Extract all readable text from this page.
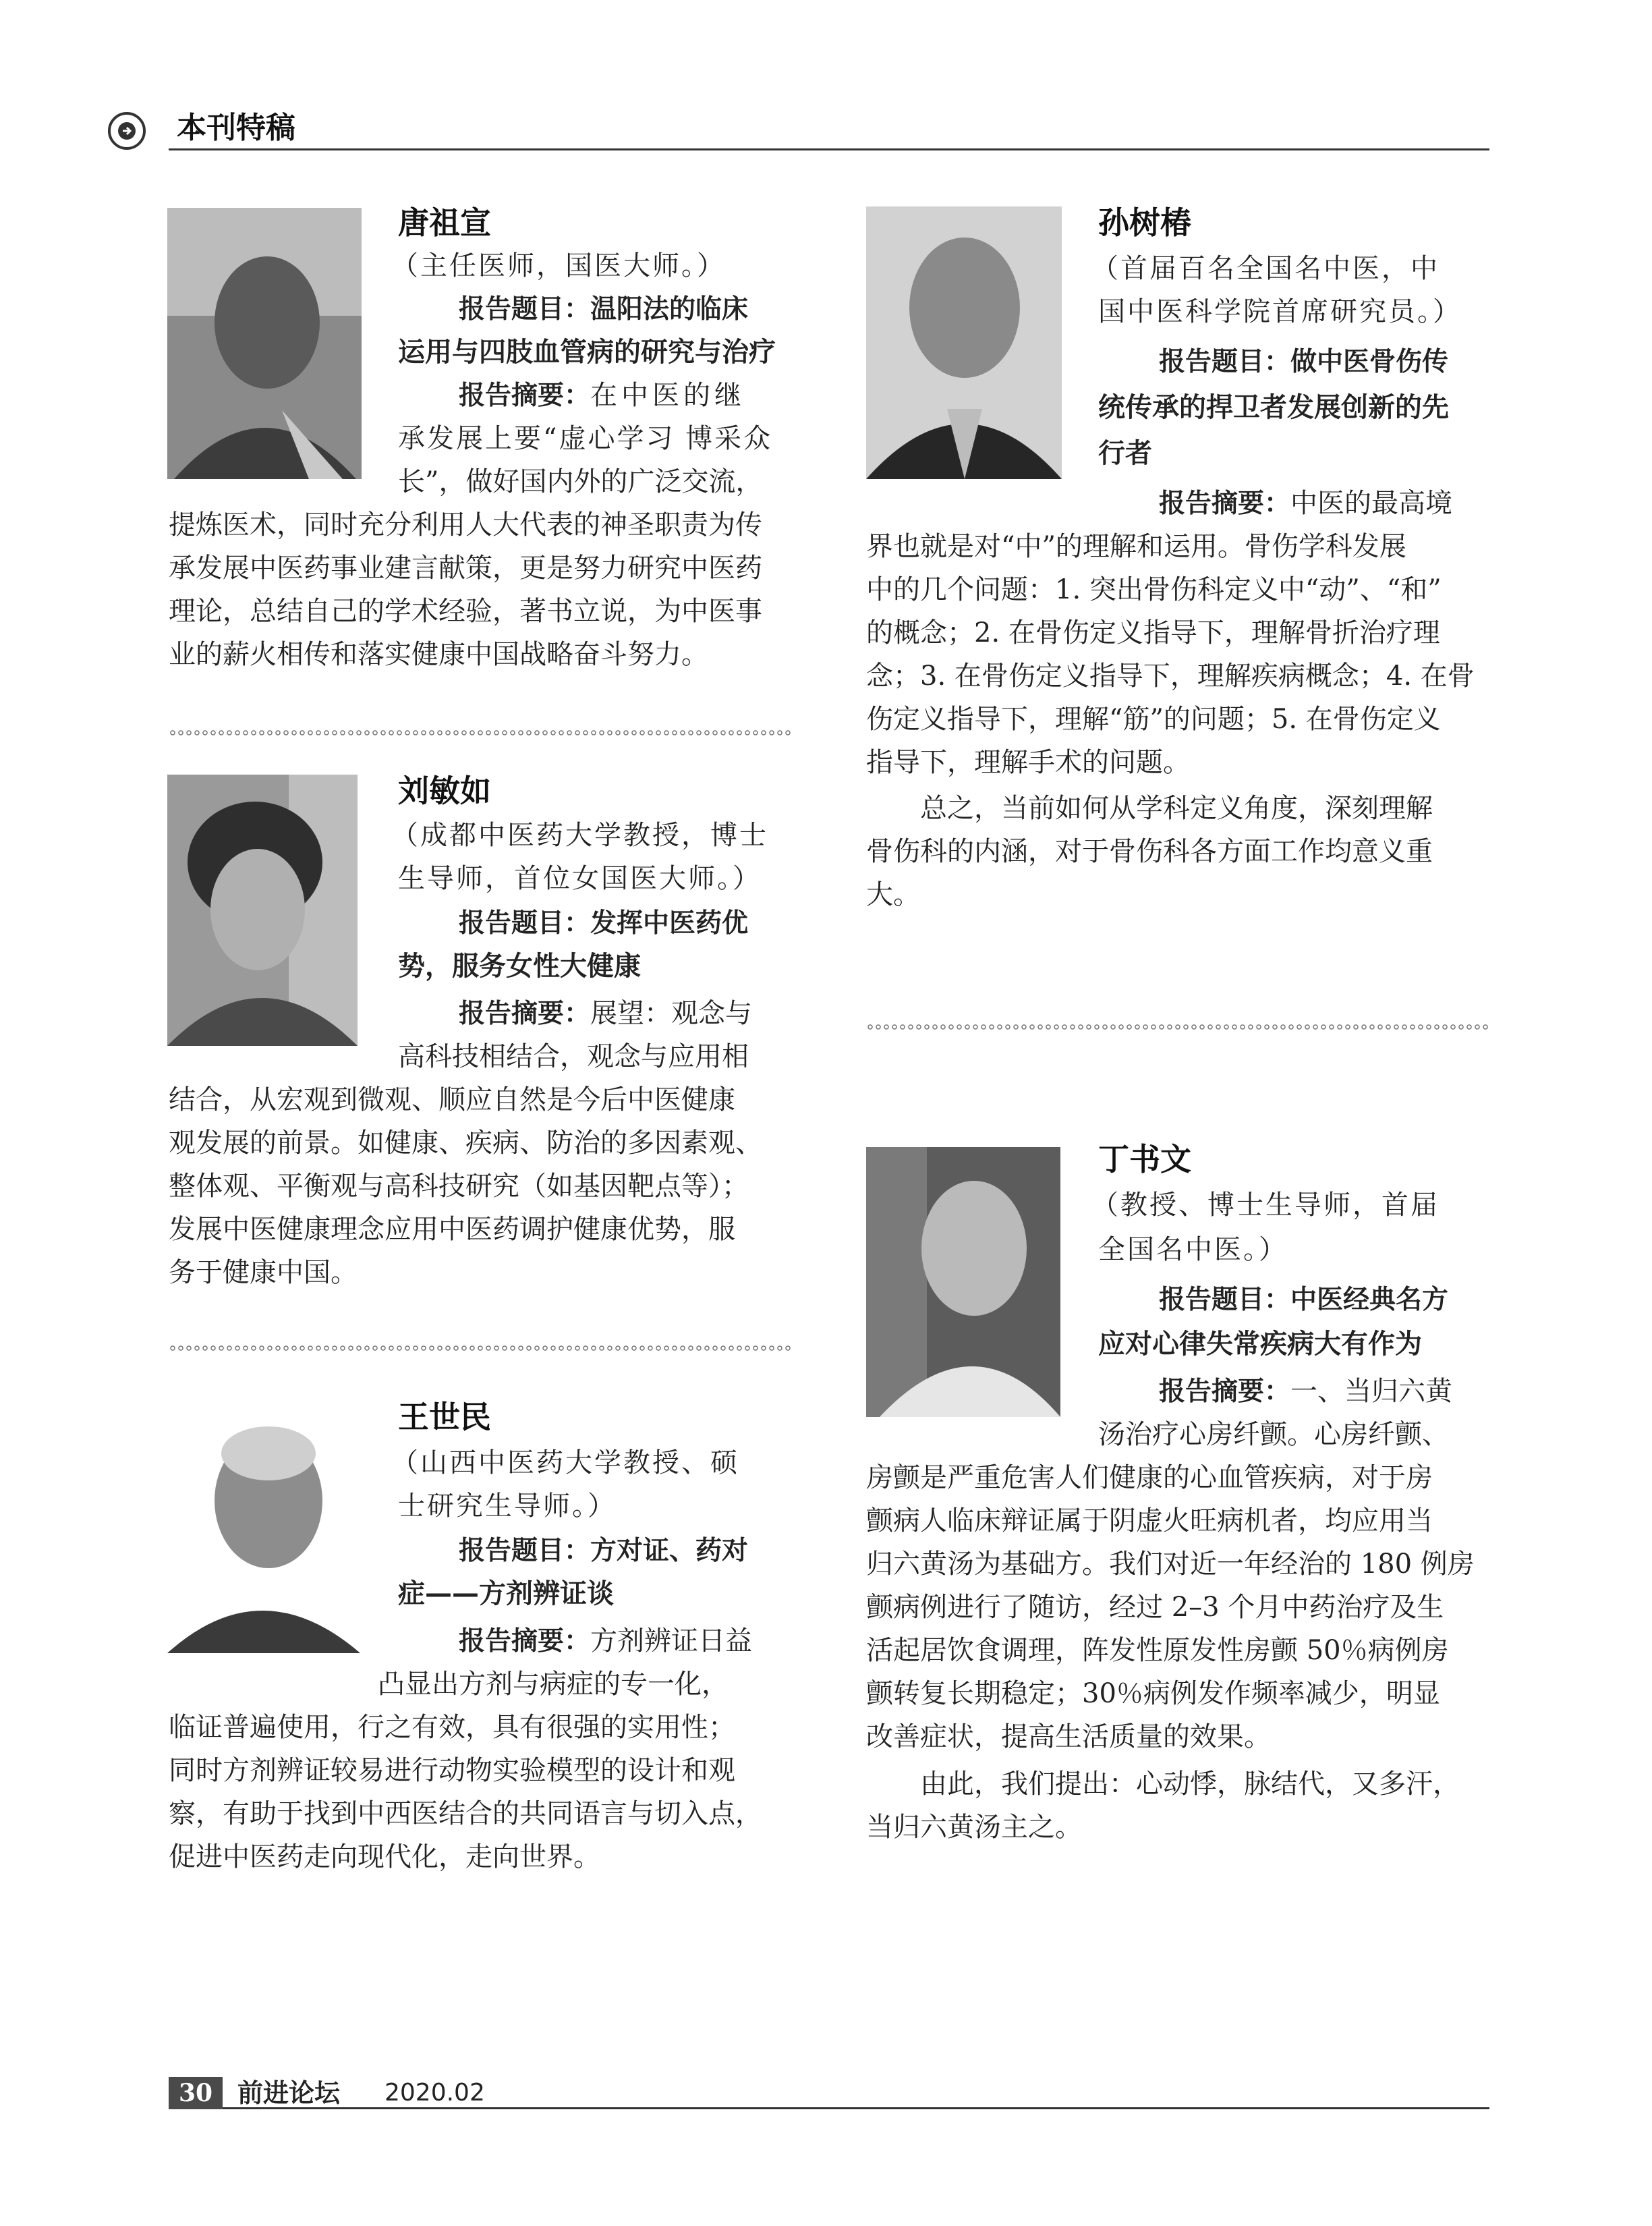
本刊特稿
唐祖宣
（主任医师，国医大师。）
报告题目：温阳法的临床
运用与四肢血管病的研究与治疗
报告摘要：在中医的继
承发展上要“虚心学习 博采众
长”，做好国内外的广泛交流，
提炼医术，同时充分利用人大代表的神圣职责为传
承发展中医药事业建言献策，更是努力研究中医药
理论，总结自己的学术经验，著书立说，为中医事
业的薪火相传和落实健康中国战略奋斗努力。
刘敏如
（成都中医药大学教授，博士
生导师，首位女国医大师。）
报告题目：发挥中医药优
势，服务女性大健康
报告摘要：展望：观念与
高科技相结合，观念与应用相
结合，从宏观到微观、顺应自然是今后中医健康
观发展的前景。如健康、疾病、防治的多因素观、
整体观、平衡观与高科技研究（如基因靶点等）；
发展中医健康理念应用中医药调护健康优势，服
务于健康中国。
王世民
（山西中医药大学教授、硕
士研究生导师。）
报告题目：方对证、药对
症——方剂辨证谈
报告摘要：方剂辨证日益
凸显出方剂与病症的专一化，
临证普遍使用，行之有效，具有很强的实用性；
同时方剂辨证较易进行动物实验模型的设计和观
察，有助于找到中西医结合的共同语言与切入点，
促进中医药走向现代化，走向世界。
孙树椿
（首届百名全国名中医，中
国中医科学院首席研究员。）
报告题目：做中医骨伤传
统传承的捍卫者发展创新的先
行者
报告摘要：中医的最高境
界也就是对“中”的理解和运用。骨伤学科发展
中的几个问题：1. 突出骨伤科定义中“动”、“和”
的概念；2. 在骨伤定义指导下，理解骨折治疗理
念；3. 在骨伤定义指导下，理解疾病概念；4. 在骨
伤定义指导下，理解“筋”的问题；5. 在骨伤定义
指导下，理解手术的问题。
　　总之，当前如何从学科定义角度，深刻理解
骨伤科的内涵，对于骨伤科各方面工作均意义重
大。
丁书文
（教授、博士生导师，首届
全国名中医。）
报告题目：中医经典名方
应对心律失常疾病大有作为
报告摘要：一、当归六黄
汤治疗心房纤颤。心房纤颤、
房颤是严重危害人们健康的心血管疾病，对于房
颤病人临床辩证属于阴虚火旺病机者，均应用当
归六黄汤为基础方。我们对近一年经治的 180 例房
颤病例进行了随访，经过 2–3 个月中药治疗及生
活起居饮食调理，阵发性原发性房颤 50％病例房
颤转复长期稳定；30％病例发作频率减少，明显
改善症状，提高生活质量的效果。
　　由此，我们提出：心动悸，脉结代，又多汗，
当归六黄汤主之。
30 前进论坛 2020.02
